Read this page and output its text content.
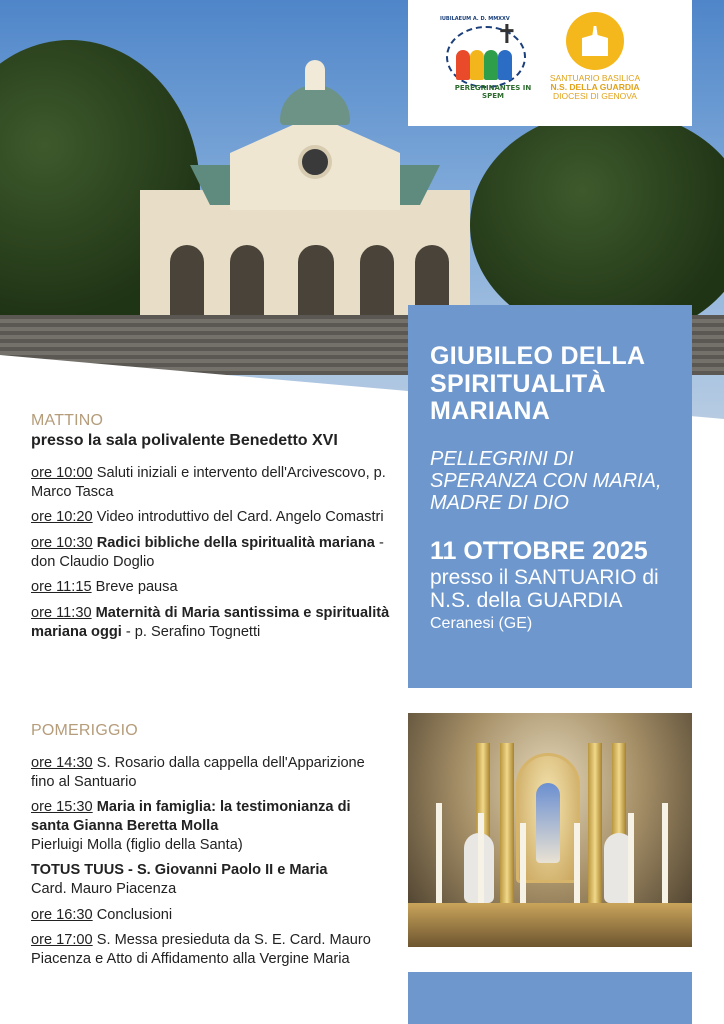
✝
PEREGRINANTES IN SPEM
IUBILAEUM A. D. MMXXV
SANTUARIO BASILICA
N.S. DELLA GUARDIA
DIOCESI DI GENOVA
GIUBILEO DELLA SPIRITUALITÀ MARIANA
PELLEGRINI DI SPERANZA CON MARIA, MADRE DI DIO
11 OTTOBRE 2025
presso il SANTUARIO di N.S. della GUARDIA
Ceranesi (GE)
MATTINO
presso la sala polivalente Benedetto XVI
ore 10:00 Saluti iniziali e intervento dell'Arcivescovo, p. Marco Tasca
ore 10:20 Video introduttivo del Card. Angelo Comastri
ore 10:30 Radici bibliche della spiritualità mariana - don Claudio Doglio
ore 11:15 Breve pausa
ore 11:30 Maternità di Maria santissima e spiritualità mariana oggi - p. Serafino Tognetti
POMERIGGIO
ore 14:30 S. Rosario dalla cappella dell'Apparizione fino al Santuario
ore 15:30 Maria in famiglia: la testimonianza di santa Gianna Beretta Molla
Pierluigi Molla (figlio della Santa)
TOTUS TUUS - S. Giovanni Paolo II e Maria
Card. Mauro Piacenza
ore 16:30 Conclusioni
ore 17:00 S. Messa presieduta da S. E. Card. Mauro Piacenza e Atto di Affidamento alla Vergine Maria
